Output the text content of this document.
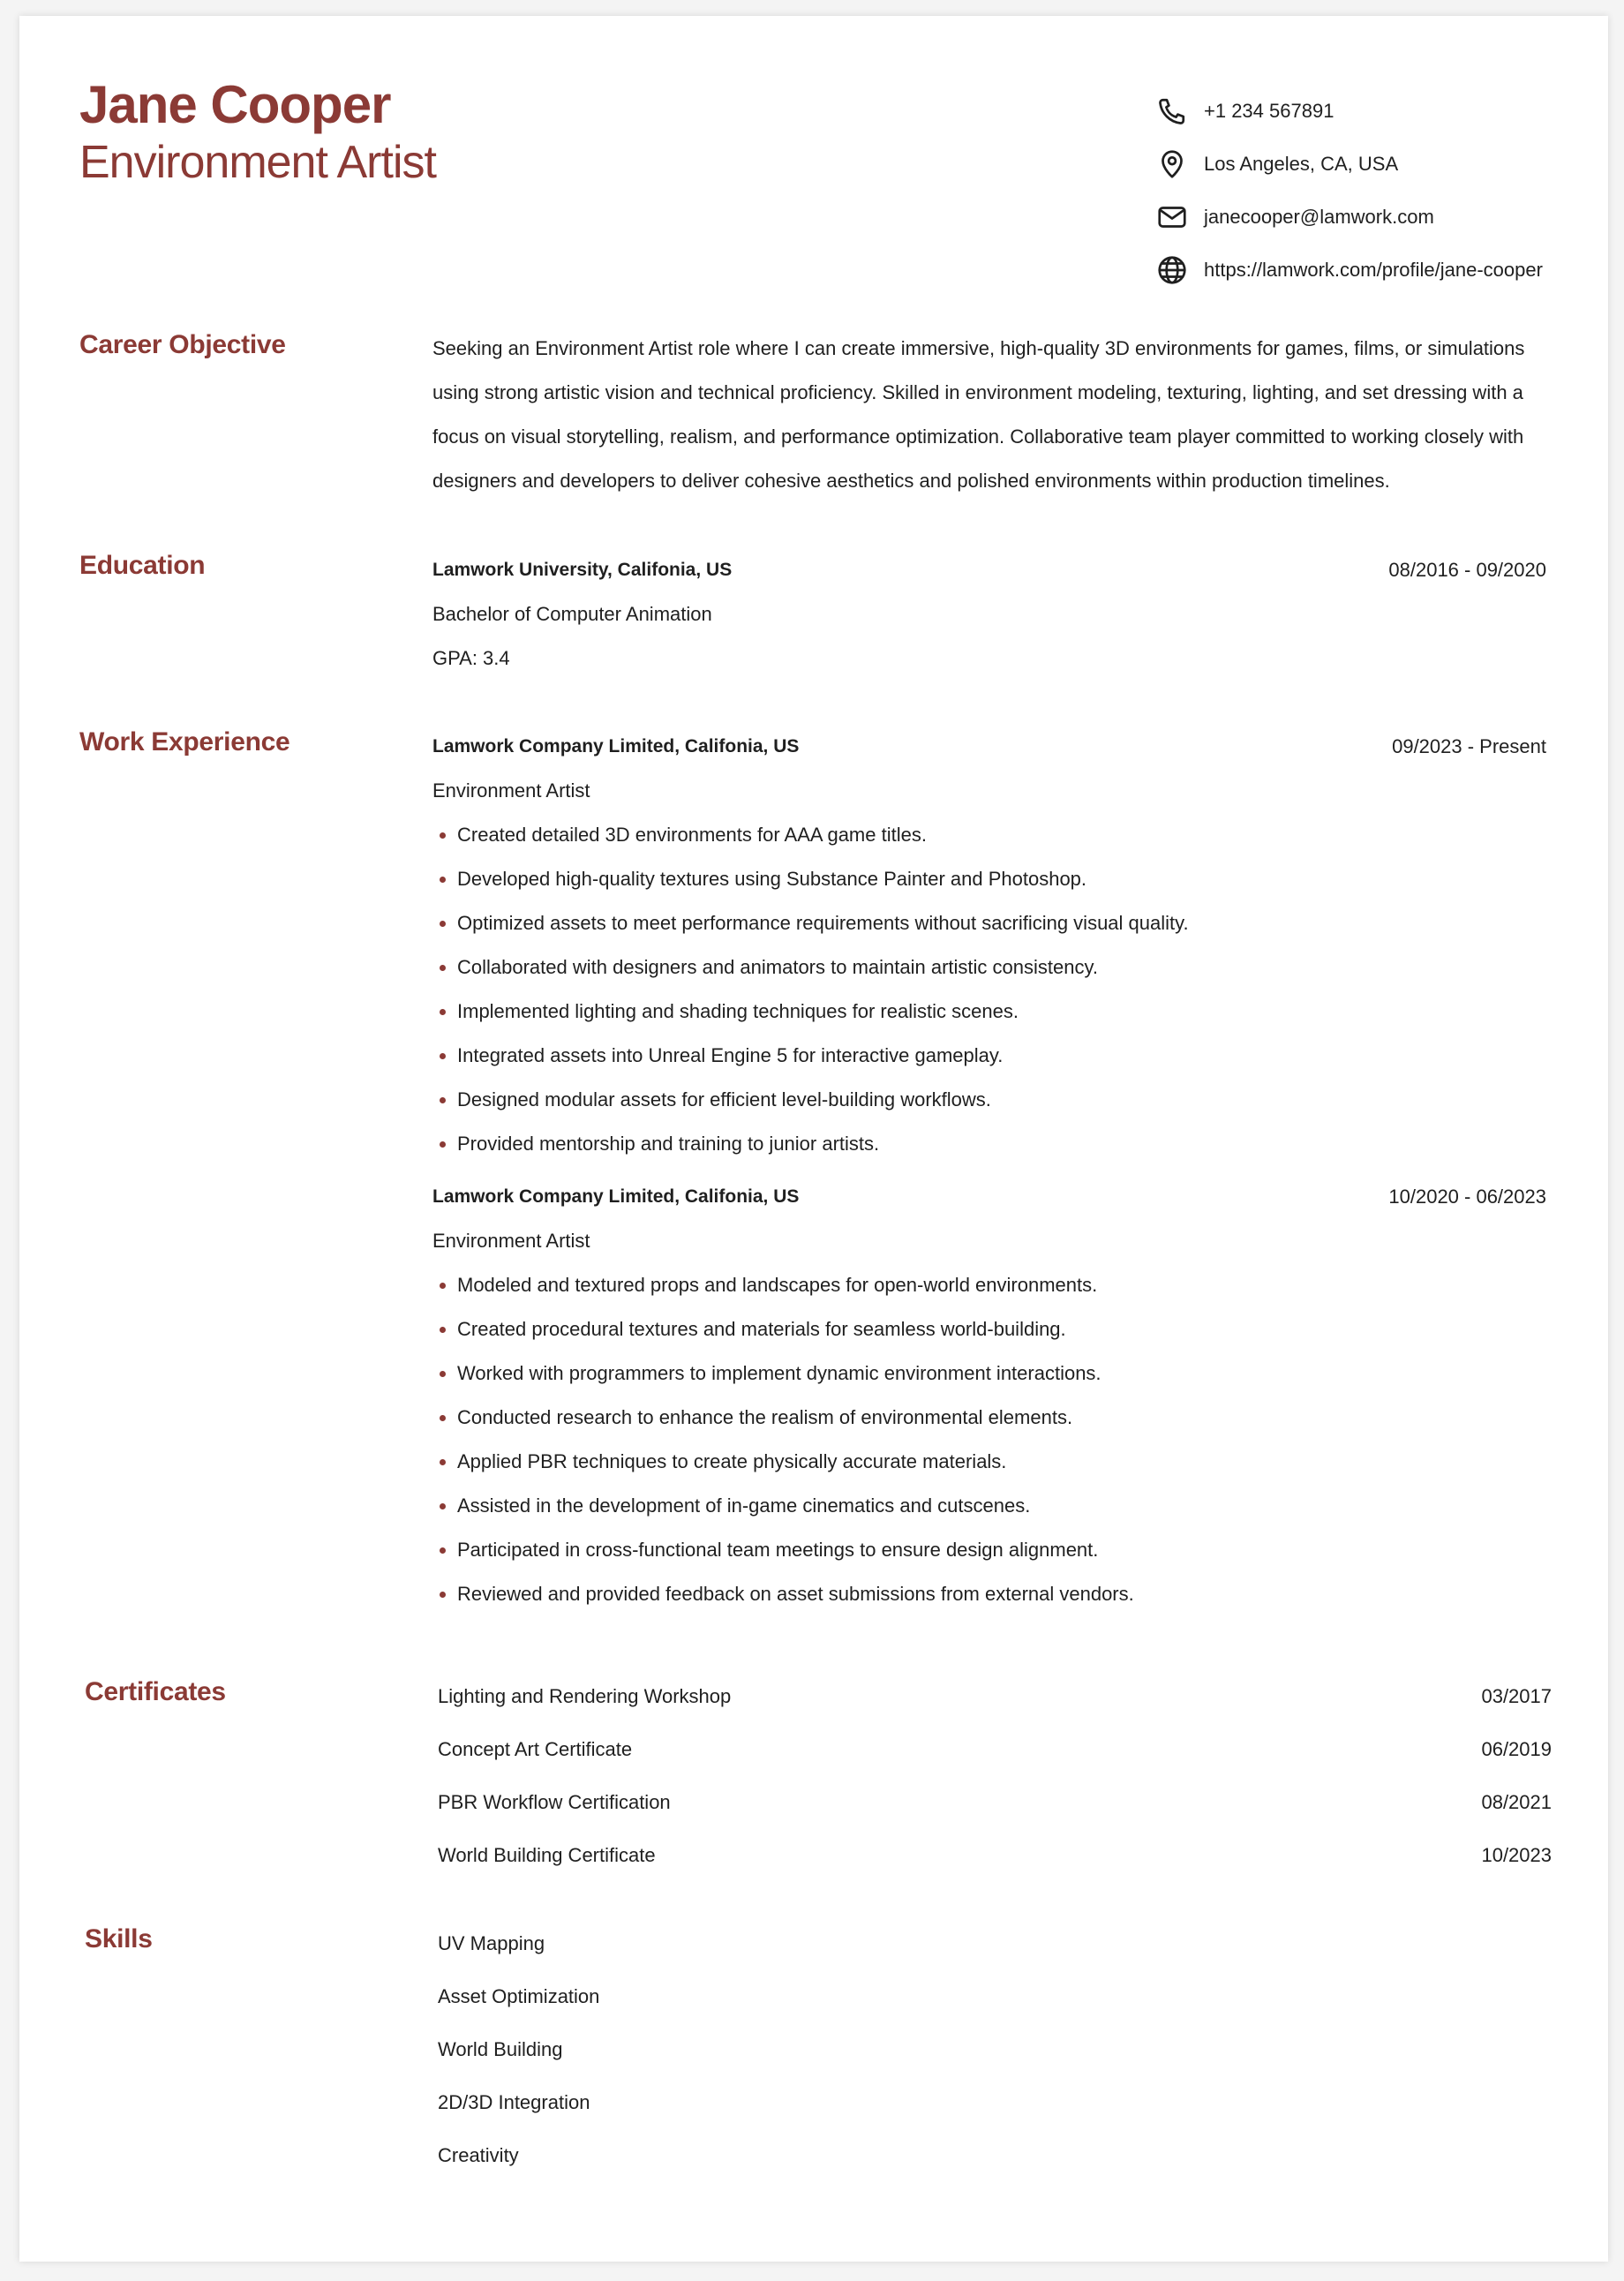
Jane Cooper
Environment Artist
+1 234 567891
Los Angeles, CA, USA
janecooper@lamwork.com
https://lamwork.com/profile/jane-cooper
Career Objective	Seeking an Environment Artist role where I can create immersive, high-quality 3D environments for games, films, or simulations using strong artistic vision and technical proficiency. Skilled in environment modeling, texturing, lighting, and set dressing with a focus on visual storytelling, realism, and performance optimization. Collaborative team player committed to working closely with designers and developers to deliver cohesive aesthetics and polished environments within production timelines.
Education	Lamwork University, Califonia, US	08/2016 - 09/2020
Bachelor of Computer Animation
GPA: 3.4
Work Experience	Lamwork Company Limited, Califonia, US	09/2023 - Present
Environment Artist
Created detailed 3D environments for AAA game titles.
Developed high-quality textures using Substance Painter and Photoshop.
Optimized assets to meet performance requirements without sacrificing visual quality.
Collaborated with designers and animators to maintain artistic consistency.
Implemented lighting and shading techniques for realistic scenes.
Integrated assets into Unreal Engine 5 for interactive gameplay.
Designed modular assets for efficient level-building workflows.
Provided mentorship and training to junior artists.
Lamwork Company Limited, Califonia, US	10/2020 - 06/2023
Environment Artist
Modeled and textured props and landscapes for open-world environments.
Created procedural textures and materials for seamless world-building.
Worked with programmers to implement dynamic environment interactions.
Conducted research to enhance the realism of environmental elements.
Applied PBR techniques to create physically accurate materials.
Assisted in the development of in-game cinematics and cutscenes.
Participated in cross-functional team meetings to ensure design alignment.
Reviewed and provided feedback on asset submissions from external vendors.
Certificates	Lighting and Rendering Workshop	03/2017
Concept Art Certificate	06/2019
PBR Workflow Certification	08/2021
World Building Certificate	10/2023
Skills	UV Mapping
Asset Optimization
World Building
2D/3D Integration
Creativity
